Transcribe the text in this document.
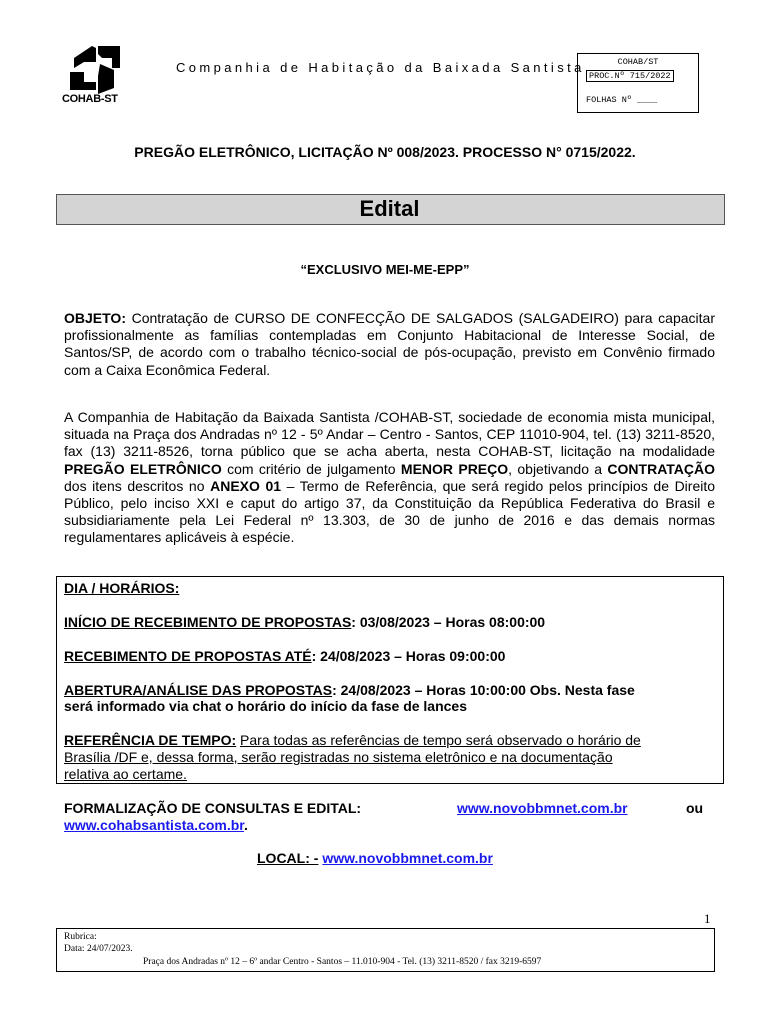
COHAB-ST
Companhia de Habitação da Baixada Santista	COHAB/ST
PROC.Nº 715/2022
FOLHAS Nº ____
PREGÃO ELETRÔNICO, LICITAÇÃO Nº 008/2023. PROCESSO N° 0715/2022.
Edital
“EXCLUSIVO MEI-ME-EPP”
OBJETO: Contratação de CURSO DE CONFECÇÃO DE SALGADOS (SALGADEIRO) para capacitar profissionalmente as famílias contempladas em Conjunto Habitacional de Interesse Social, de Santos/SP, de acordo com o trabalho técnico-social de pós-ocupação, previsto em Convênio firmado com a Caixa Econômica Federal.
A Companhia de Habitação da Baixada Santista /COHAB-ST, sociedade de economia mista municipal, situada na Praça dos Andradas nº 12 - 5º Andar – Centro - Santos, CEP 11010-904, tel. (13) 3211-8520, fax (13) 3211-8526, torna público que se acha aberta, nesta COHAB-ST, licitação na modalidade PREGÃO ELETRÔNICO com critério de julgamento MENOR PREÇO, objetivando a CONTRATAÇÃO dos itens descritos no ANEXO 01 – Termo de Referência, que será regido pelos princípios de Direito Público, pelo inciso XXI e caput do artigo 37, da Constituição da República Federativa do Brasil e subsidiariamente pela Lei Federal nº 13.303, de 30 de junho de 2016 e das demais normas regulamentares aplicáveis à espécie.
DIA / HORÁRIOS:
INÍCIO DE RECEBIMENTO DE PROPOSTAS: 03/08/2023 – Horas 08:00:00
RECEBIMENTO DE PROPOSTAS ATÉ: 24/08/2023 – Horas 09:00:00
ABERTURA/ANÁLISE DAS PROPOSTAS: 24/08/2023 – Horas 10:00:00 Obs. Nesta fase
será informado via chat o horário do início da fase de lances
REFERÊNCIA DE TEMPO: Para todas as referências de tempo será observado o horário de
Brasília /DF e, dessa forma, serão registradas no sistema eletrônico e na documentação
relativa ao certame.
FORMALIZAÇÃO DE CONSULTAS E EDITAL:	www.novobbmnet.com.br	ou
www.cohabsantista.com.br.
LOCAL: - www.novobbmnet.com.br
1
Rubrica:
Data: 24/07/2023.
Praça dos Andradas nº 12 – 6º andar Centro - Santos – 11.010-904 - Tel. (13) 3211-8520 / fax 3219-6597
